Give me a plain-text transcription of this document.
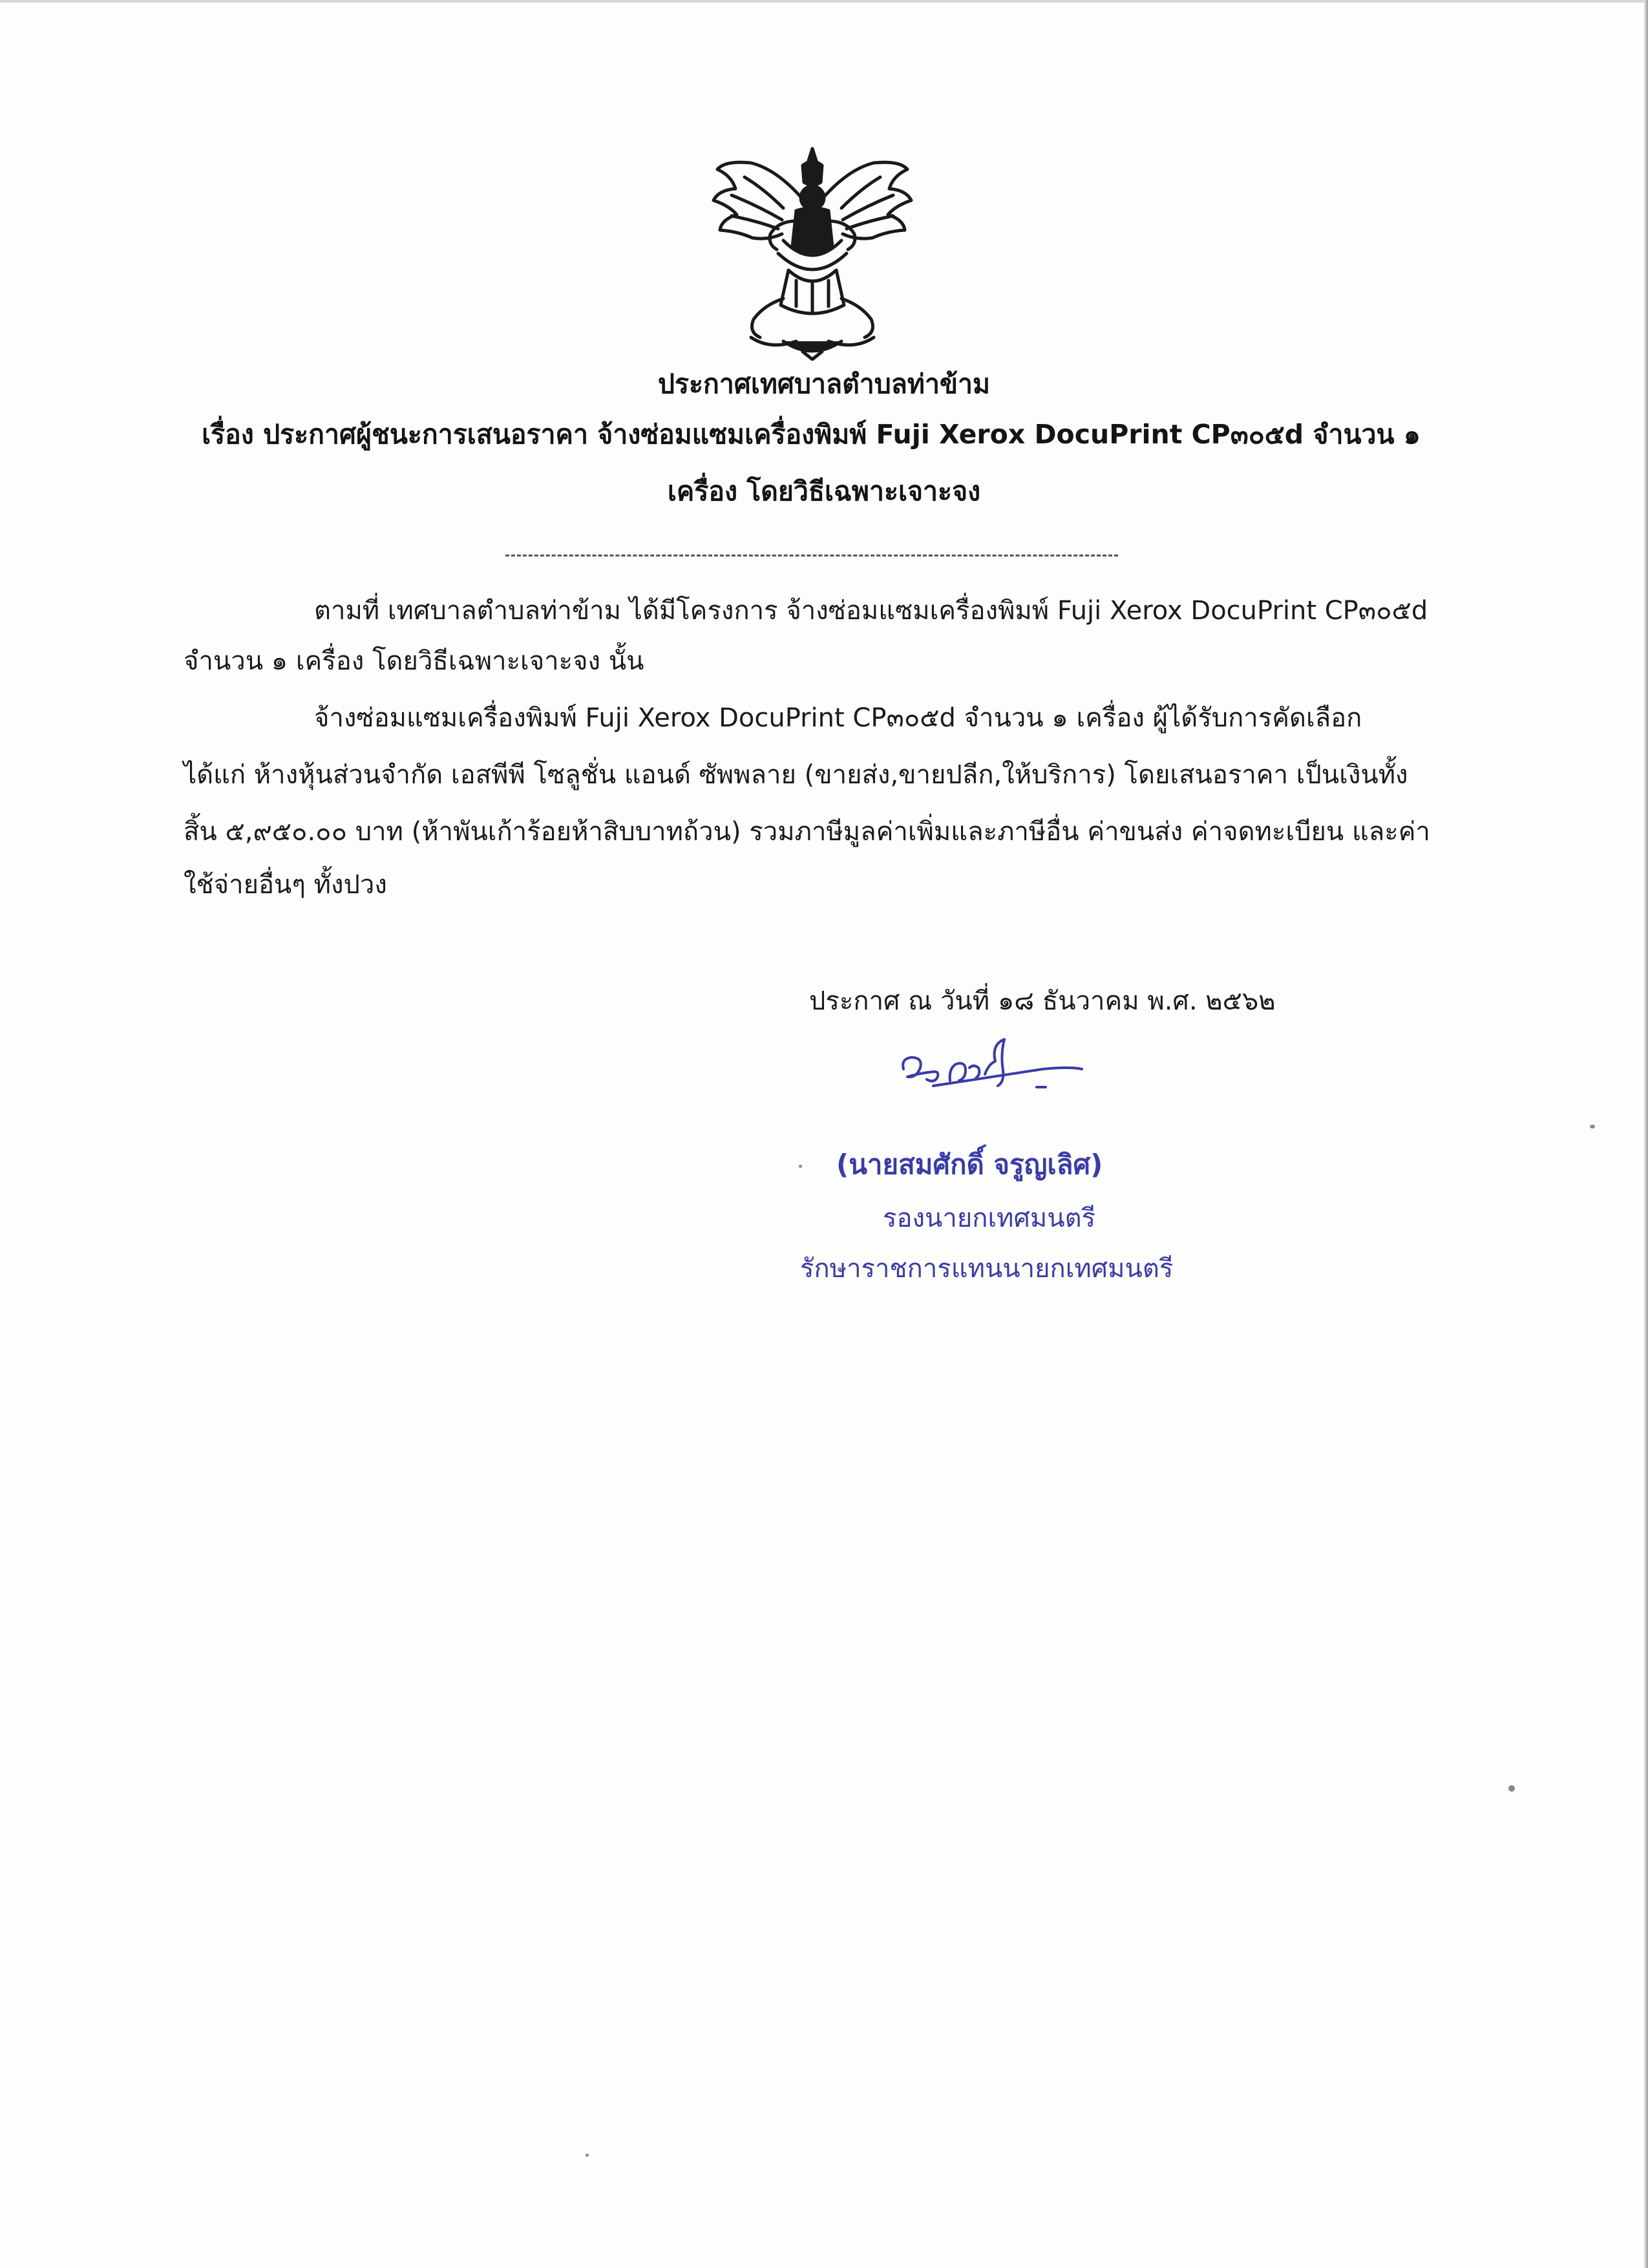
ประกาศเทศบาลตำบลท่าข้าม
เรื่อง ประกาศผู้ชนะการเสนอราคา จ้างซ่อมแซมเครื่องพิมพ์ Fuji Xerox DocuPrint CP๓๐๕d จำนวน ๑
เครื่อง โดยวิธีเฉพาะเจาะจง
ตามที่ เทศบาลตำบลท่าข้าม ได้มีโครงการ จ้างซ่อมแซมเครื่องพิมพ์ Fuji Xerox DocuPrint CP๓๐๕d
จำนวน ๑ เครื่อง โดยวิธีเฉพาะเจาะจง นั้น
จ้างซ่อมแซมเครื่องพิมพ์ Fuji Xerox DocuPrint CP๓๐๕d จำนวน ๑ เครื่อง ผู้ได้รับการคัดเลือก
ได้แก่ ห้างหุ้นส่วนจำกัด เอสพีพี โซลูชั่น แอนด์ ซัพพลาย (ขายส่ง,ขายปลีก,ให้บริการ) โดยเสนอราคา เป็นเงินทั้ง
สิ้น ๕,๙๕๐.๐๐ บาท (ห้าพันเก้าร้อยห้าสิบบาทถ้วน) รวมภาษีมูลค่าเพิ่มและภาษีอื่น ค่าขนส่ง ค่าจดทะเบียน และค่า
ใช้จ่ายอื่นๆ ทั้งปวง
ประกาศ ณ วันที่ ๑๘ ธันวาคม พ.ศ. ๒๕๖๒
(นายสมศักดิ์ จรูญเลิศ)
รองนายกเทศมนตรี
รักษาราชการแทนนายกเทศมนตรี
